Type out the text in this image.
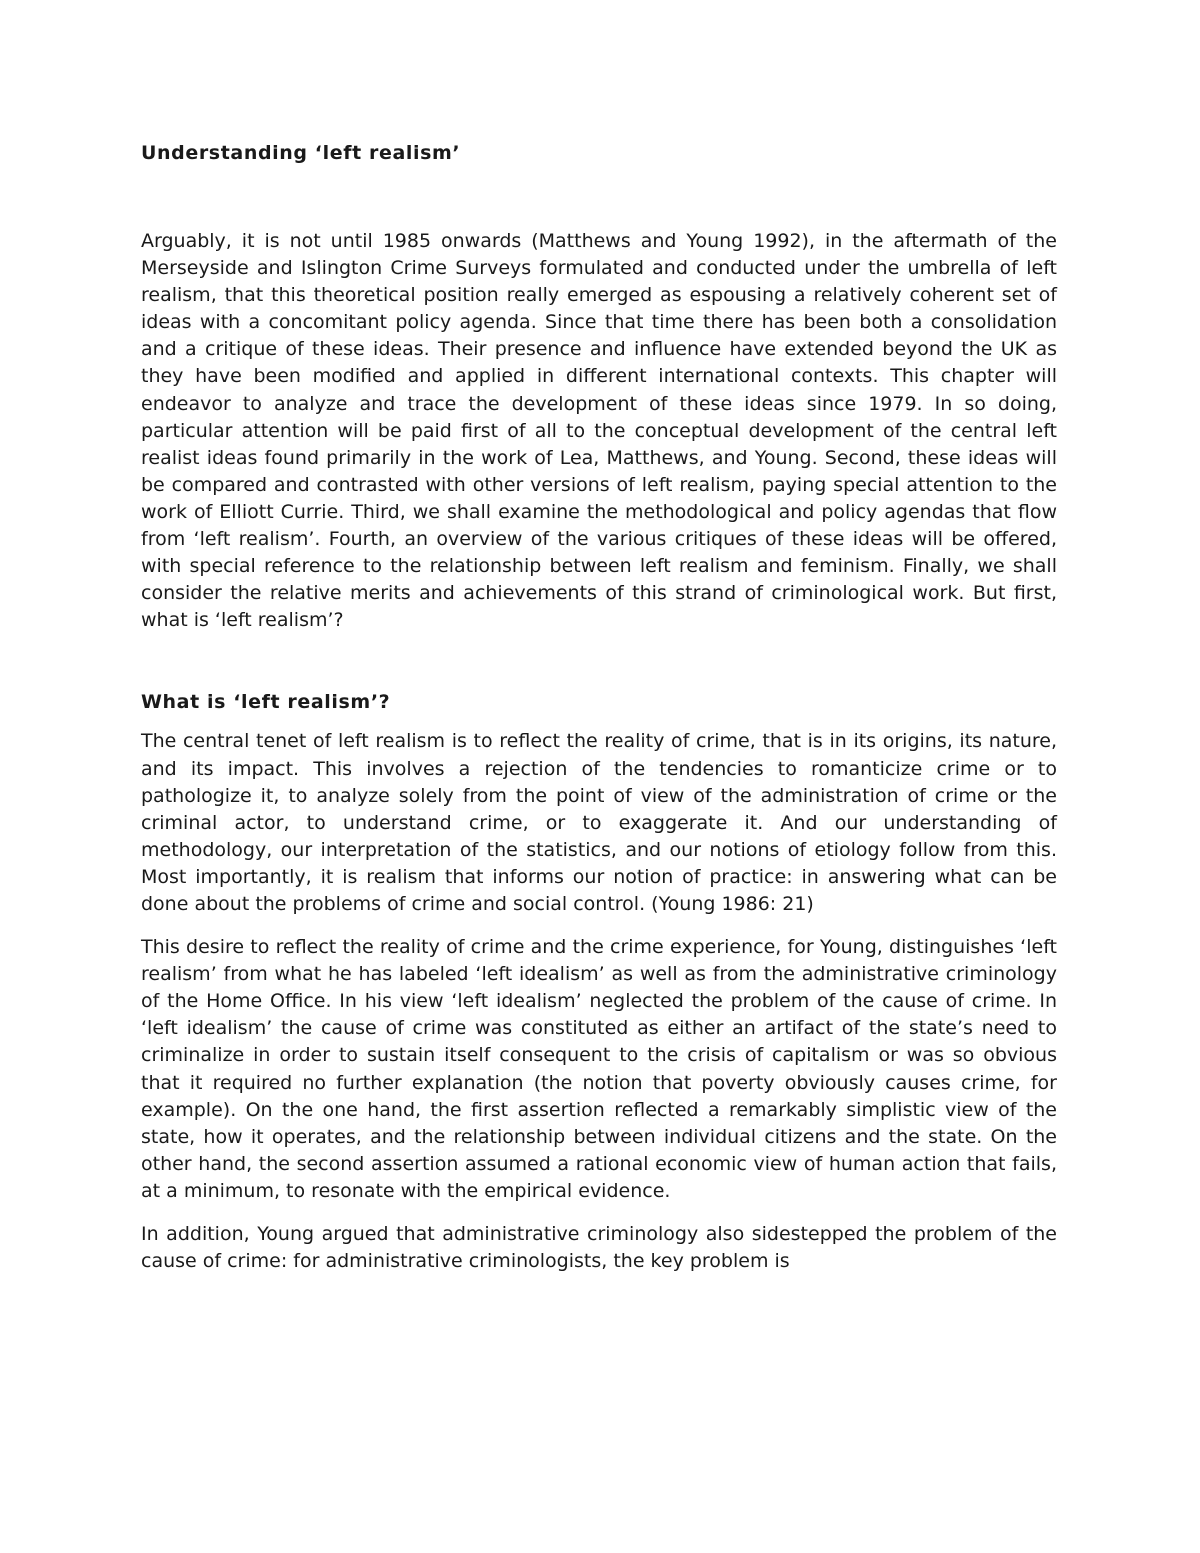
Understanding ‘left realism’

Arguably, it is not until 1985 onwards (Matthews and Young 1992), in the aftermath of the Merseyside and Islington Crime Surveys formulated and conducted under the umbrella of left realism, that this theoretical position really emerged as espousing a relatively coherent set of ideas with a concomitant policy agenda. Since that time there has been both a consolidation and a critique of these ideas. Their presence and influence have extended beyond the UK as they have been modified and applied in different international contexts. This chapter will endeavor to analyze and trace the development of these ideas since 1979. In so doing, particular attention will be paid first of all to the conceptual development of the central left realist ideas found primarily in the work of Lea, Matthews, and Young. Second, these ideas will be compared and contrasted with other versions of left realism, paying special attention to the work of Elliott Currie. Third, we shall examine the methodological and policy agendas that flow from ‘left realism’. Fourth, an overview of the various critiques of these ideas will be offered, with special reference to the relationship between left realism and feminism. Finally, we shall consider the relative merits and achievements of this strand of criminological work. But first, what is ‘left realism’?

What is ‘left realism’?

The central tenet of left realism is to reflect the reality of crime, that is in its origins, its nature, and its impact. This involves a rejection of the tendencies to romanticize crime or to pathologize it, to analyze solely from the point of view of the administration of crime or the criminal actor, to understand crime, or to exaggerate it. And our understanding of methodology, our interpretation of the statistics, and our notions of etiology follow from this. Most importantly, it is realism that informs our notion of practice: in answering what can be done about the problems of crime and social control. (Young 1986: 21)

This desire to reflect the reality of crime and the crime experience, for Young, distinguishes ‘left realism’ from what he has labeled ‘left idealism’ as well as from the administrative criminology of the Home Office. In his view ‘left idealism’ neglected the problem of the cause of crime. In ‘left idealism’ the cause of crime was constituted as either an artifact of the state’s need to criminalize in order to sustain itself consequent to the crisis of capitalism or was so obvious that it required no further explanation (the notion that poverty obviously causes crime, for example). On the one hand, the first assertion reflected a remarkably simplistic view of the state, how it operates, and the relationship between individual citizens and the state. On the other hand, the second assertion assumed a rational economic view of human action that fails, at a minimum, to resonate with the empirical evidence.

In addition, Young argued that administrative criminology also sidestepped the problem of the cause of crime: for administrative criminologists, the key problem is
